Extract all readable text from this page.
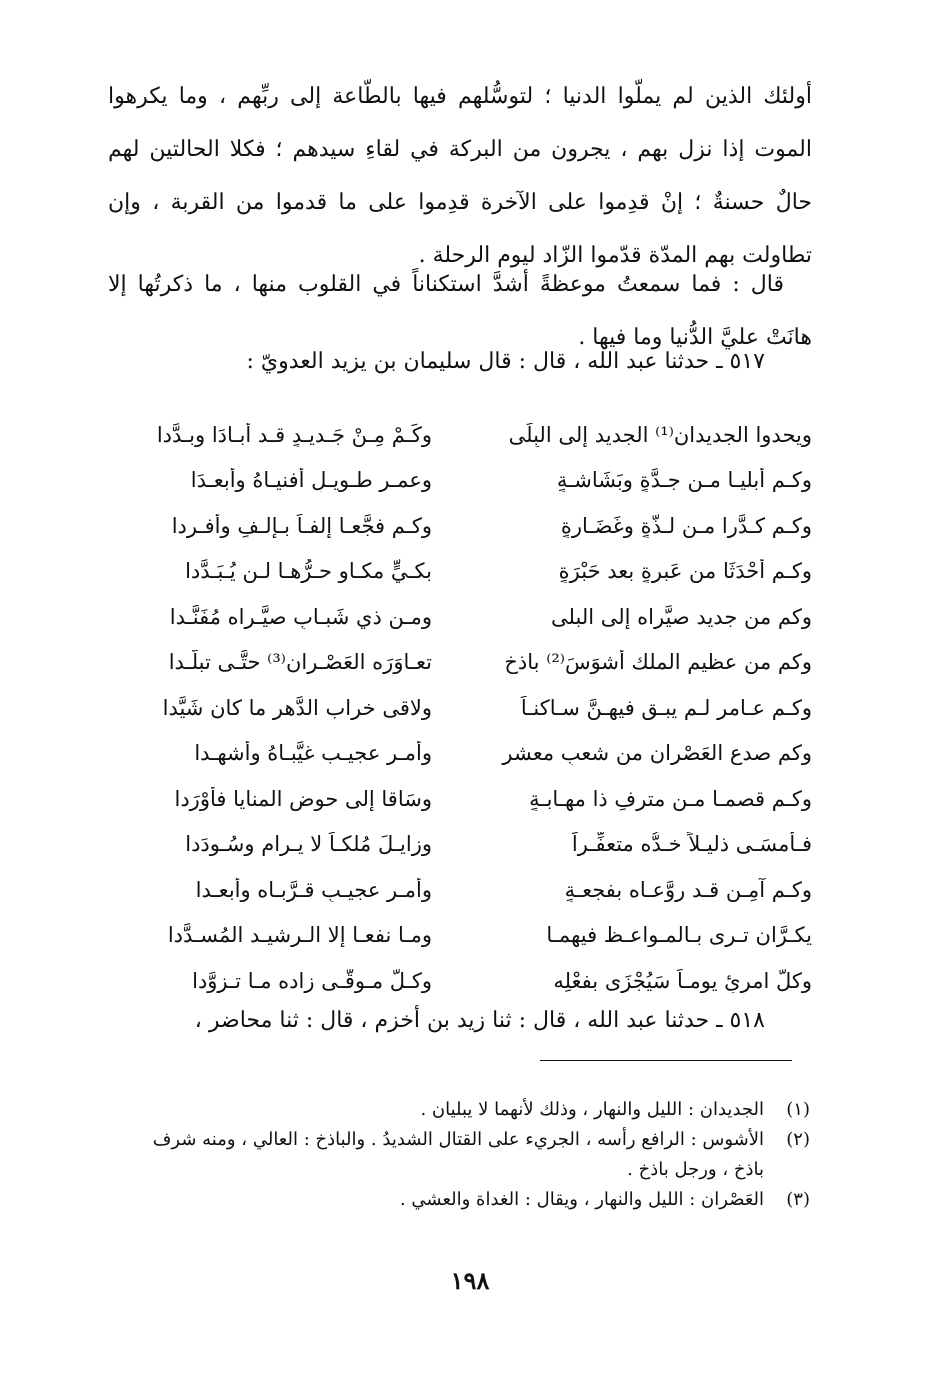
أولئك الذين لم يملّوا الدنيا ؛ لتوسُّلهم فيها بالطّاعة إلى ربِّهم ، وما يكرهوا الموت إذا نزل بهم ، يجرون من البركة في لقاءِ سيدهم ؛ فكلا الحالتين لهم حالٌ حسنةٌ ؛ إنْ قدِموا على الآخرة قدِموا على ما قدموا من القربة ، وإن تطاولت بهم المدّة قدّموا الزّاد ليوم الرحلة .

قال : فما سمعتُ موعظةً أشدَّ استكناناً في القلوب منها ، ما ذكرتُها إلا هانَتْ عليَّ الدُّنيا وما فيها .

٥١٧ ـ حدثنا عبد الله ، قال : قال سليمان بن يزيد العدويّ :

ويحدوا الجديدان⁽¹⁾ الجديد إلى البِلَى
وكَـمْ مِـنْ جَـديـدٍ قـد أبـادَا وبـدَّدا
وكـم أبليـا مـن جـدَّةٍ وبَشَاشـةٍ
وعمـرٍ طـويـلٍ أفنيـاهُ وأبعـدَا
وكـم كـدَّرا مـن لـذَّةٍ وغَضَـارةٍ
وكـم فجَّعـا إلفـاً بـإلـفٍ وأفـردا
وكـم أحْدَثَا من عَبرةٍ بعد حَبْرَةٍ
بكـيٍّ مكـاوٍ حـرُّهـا لـن يُـبَـدَّدا
وكم من جديد صيَّراه إلى البلى
ومـن ذي شَبـابٍ صيَّـراه مُفَنَّـدا
وكم من عظيم الملك أشوَسَ⁽²⁾ باذخ
تعـاوَرَه العَصْـران⁽³⁾ حتَّـى تبلَّـدا
وكـم عـامرٍ لـم يبـق فيهـنَّ سـاكنـاً
ولاقى خراب الدَّهر ما كان شَيَّدا
وكم صدع العَصْران من شعبِ معشرٍ
وأمـرِ عجيـب غيَّبـاهُ وأشهـدا
وكـم قصمـا مـن مترفٍ ذا مهـابـةٍ
وسَاقا إلى حوضِ المنايا فأوْرَدا
فـأمسَـى ذليـلاً خـدُّه متعفِّـراً
وزايـلَ مُلكـاً لا يـرام وسُـودَدا
وكـم آمِـنٍ قـد روَّعـاه بفجعـةٍ
وأمـرٍ عجيـبٍ قـرَّبـاه وأبعـدا
يكـرَّان تـرى بـالمـواعـظ فيهمـا
ومـا نفعـا إلا الـرشيـد المُسـدَّدا
وكلُّ امرِئٍ يومـاً سَيُجْزَى بفعْلِه
وكـلٌّ مـوقَّـى زاده مـا تـزوَّدا

٥١٨ ـ حدثنا عبد الله ، قال : ثنا زيد بن أخزم ، قال : ثنا محاضر ،

(١)
الجديدان : الليل والنهار ، وذلك لأنهما لا يبليان .
(٢)
الأشوس : الرافع رأسه ، الجريء على القتال الشديدُ . والباذخ : العالي ، ومنه شرف باذخ ، ورجل باذخ .
(٣)
العَصْران : الليل والنهار ، ويقال : الغداة والعشي .
١٩٨
